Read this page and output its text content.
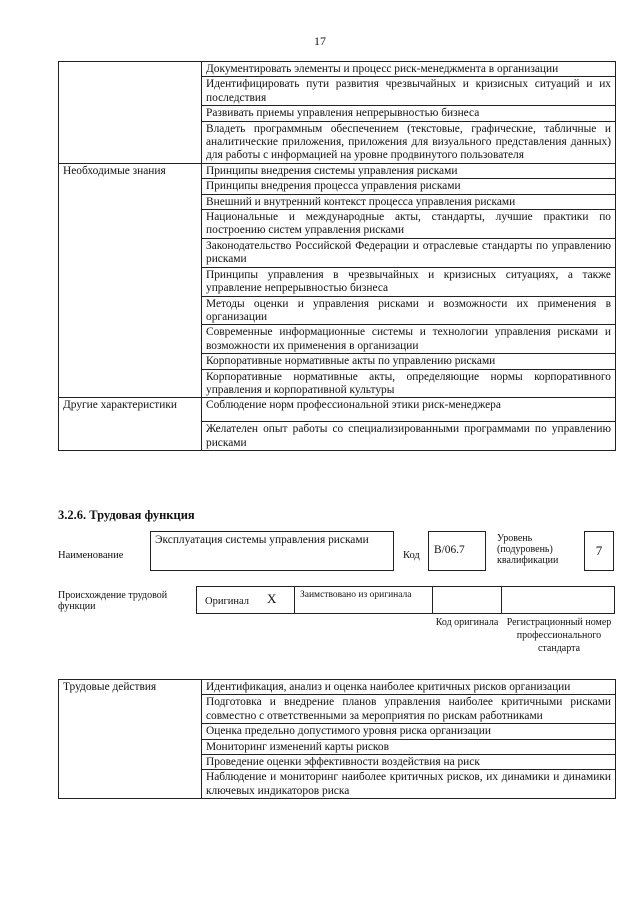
17
	Документировать элементы и процесс риск-менеджмента в организации
	Идентифицировать пути развития чрезвычайных и кризисных ситуаций и их последствия
	Развивать приемы управления непрерывностью бизнеса
	Владеть программным обеспечением (текстовые, графические, табличные и аналитические приложения, приложения для визуального представления данных) для работы с информацией на уровне продвинутого пользователя
Необходимые знания	Принципы внедрения системы управления рисками
	Принципы внедрения процесса управления рисками
	Внешний и внутренний контекст процесса управления рисками
	Национальные и международные акты, стандарты, лучшие практики по построению систем управления рисками
	Законодательство Российской Федерации и отраслевые стандарты по управлению рисками
	Принципы управления в чрезвычайных и кризисных ситуациях, а также управление непрерывностью бизнеса
	Методы оценки и управления рисками и возможности их применения в организации
	Современные информационные системы и технологии управления рисками и возможности их применения в организации
	Корпоративные нормативные акты по управлению рисками
	Корпоративные нормативные акты, определяющие нормы корпоративного управления и корпоративной культуры
Другие характеристики	Соблюдение норм профессиональной этики риск-менеджера
	Желателен опыт работы со специализированными программами по управлению рисками
3.2.6. Трудовая функция
Наименование
Эксплуатация системы управления рисками
Код	В/06.7
Уровень (подуровень) квалификации
7
Происхождение трудовой функции	Оригинал X Заимствовано из оригинала
Код оригинала Регистрационный номер профессионального стандарта
Трудовые действия	Идентификация, анализ и оценка наиболее критичных рисков организации
Подготовка и внедрение планов управления наиболее критичными рисками совместно с ответственными за мероприятия по рискам работниками
Оценка предельно допустимого уровня риска организации
Мониторинг изменений карты рисков
Проведение оценки эффективности воздействия на риск
Наблюдение и мониторинг наиболее критичных рисков, их динамики и динамики ключевых индикаторов риска
